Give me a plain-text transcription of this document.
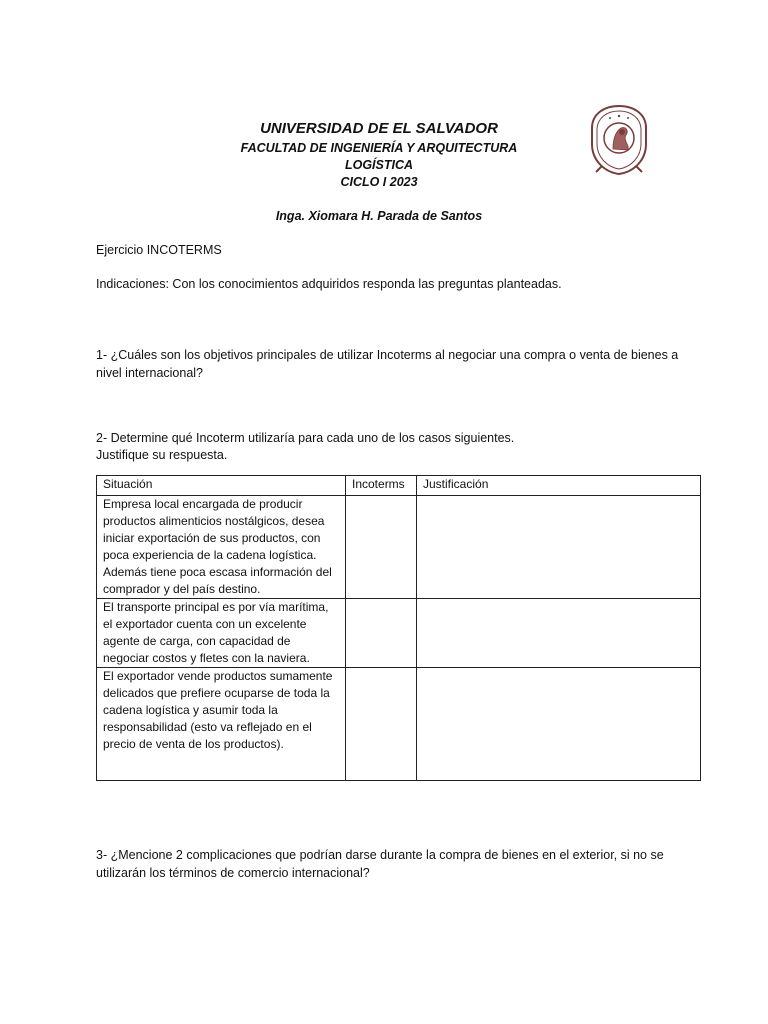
UNIVERSIDAD DE EL SALVADOR
FACULTAD DE INGENIERÍA Y ARQUITECTURA
LOGÍSTICA
CICLO I 2023
Inga. Xiomara H. Parada de Santos
Ejercicio INCOTERMS
Indicaciones: Con los conocimientos adquiridos responda las preguntas planteadas.
1- ¿Cuáles son los objetivos principales de utilizar Incoterms al negociar una compra o venta de bienes a nivel internacional?
2- Determine qué Incoterm utilizaría para cada uno de los casos siguientes.
Justifique su respuesta.
Situación	Incoterms	Justificación
Empresa local encargada de producir productos alimenticios nostálgicos, desea iniciar exportación de sus productos, con poca experiencia de la cadena logística. Además tiene poca escasa información del comprador y del país destino.		
El transporte principal es por vía marítima, el exportador cuenta con un excelente agente de carga, con capacidad de negociar costos y fletes con la naviera.		
El exportador vende productos sumamente delicados que prefiere ocuparse de toda la cadena logística y asumir toda la responsabilidad (esto va reflejado en el precio de venta de los productos).		
3- ¿Mencione 2 complicaciones que podrían darse durante la compra de bienes en el exterior, si no se utilizarán los términos de comercio internacional?
